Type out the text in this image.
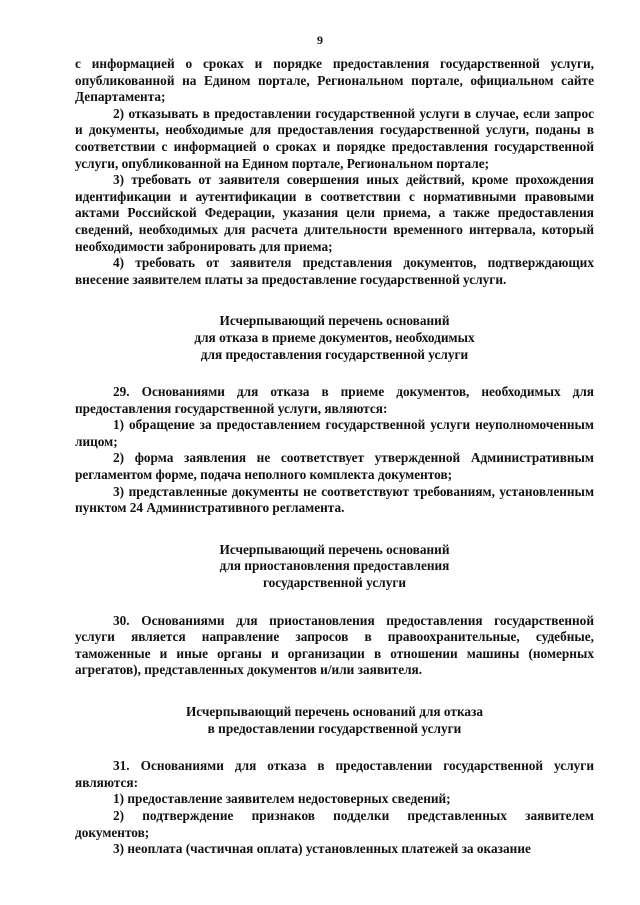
9

с информацией о сроках и порядке предоставления государственной услуги, опубликованной на Едином портале, Региональном портале, официальном сайте Департамента;

2) отказывать в предоставлении государственной услуги в случае, если запрос и документы, необходимые для предоставления государственной услуги, поданы в соответствии с информацией о сроках и порядке предоставления государственной услуги, опубликованной на Едином портале, Региональном портале;

3) требовать от заявителя совершения иных действий, кроме прохождения идентификации и аутентификации в соответствии с нормативными правовыми актами Российской Федерации, указания цели приема, а также предоставления сведений, необходимых для расчета длительности временного интервала, который необходимости забронировать для приема;

4) требовать от заявителя представления документов, подтверждающих внесение заявителем платы за предоставление государственной услуги.

Исчерпывающий перечень оснований
для отказа в приеме документов, необходимых
для предоставления государственной услуги

29. Основаниями для отказа в приеме документов, необходимых для предоставления государственной услуги, являются:

1) обращение за предоставлением государственной услуги неуполномоченным лицом;

2) форма заявления не соответствует утвержденной Административным регламентом форме, подача неполного комплекта документов;

3) представленные документы не соответствуют требованиям, установленным пунктом 24 Административного регламента.

Исчерпывающий перечень оснований
для приостановления предоставления
государственной услуги

30. Основаниями для приостановления предоставления государственной услуги является направление запросов в правоохранительные, судебные, таможенные и иные органы и организации в отношении машины (номерных агрегатов), представленных документов и/или заявителя.

Исчерпывающий перечень оснований для отказа
в предоставлении государственной услуги

31. Основаниями для отказа в предоставлении государственной услуги являются:

1) предоставление заявителем недостоверных сведений;

2) подтверждение признаков подделки представленных заявителем документов;

3) неоплата (частичная оплата) установленных платежей за оказание
